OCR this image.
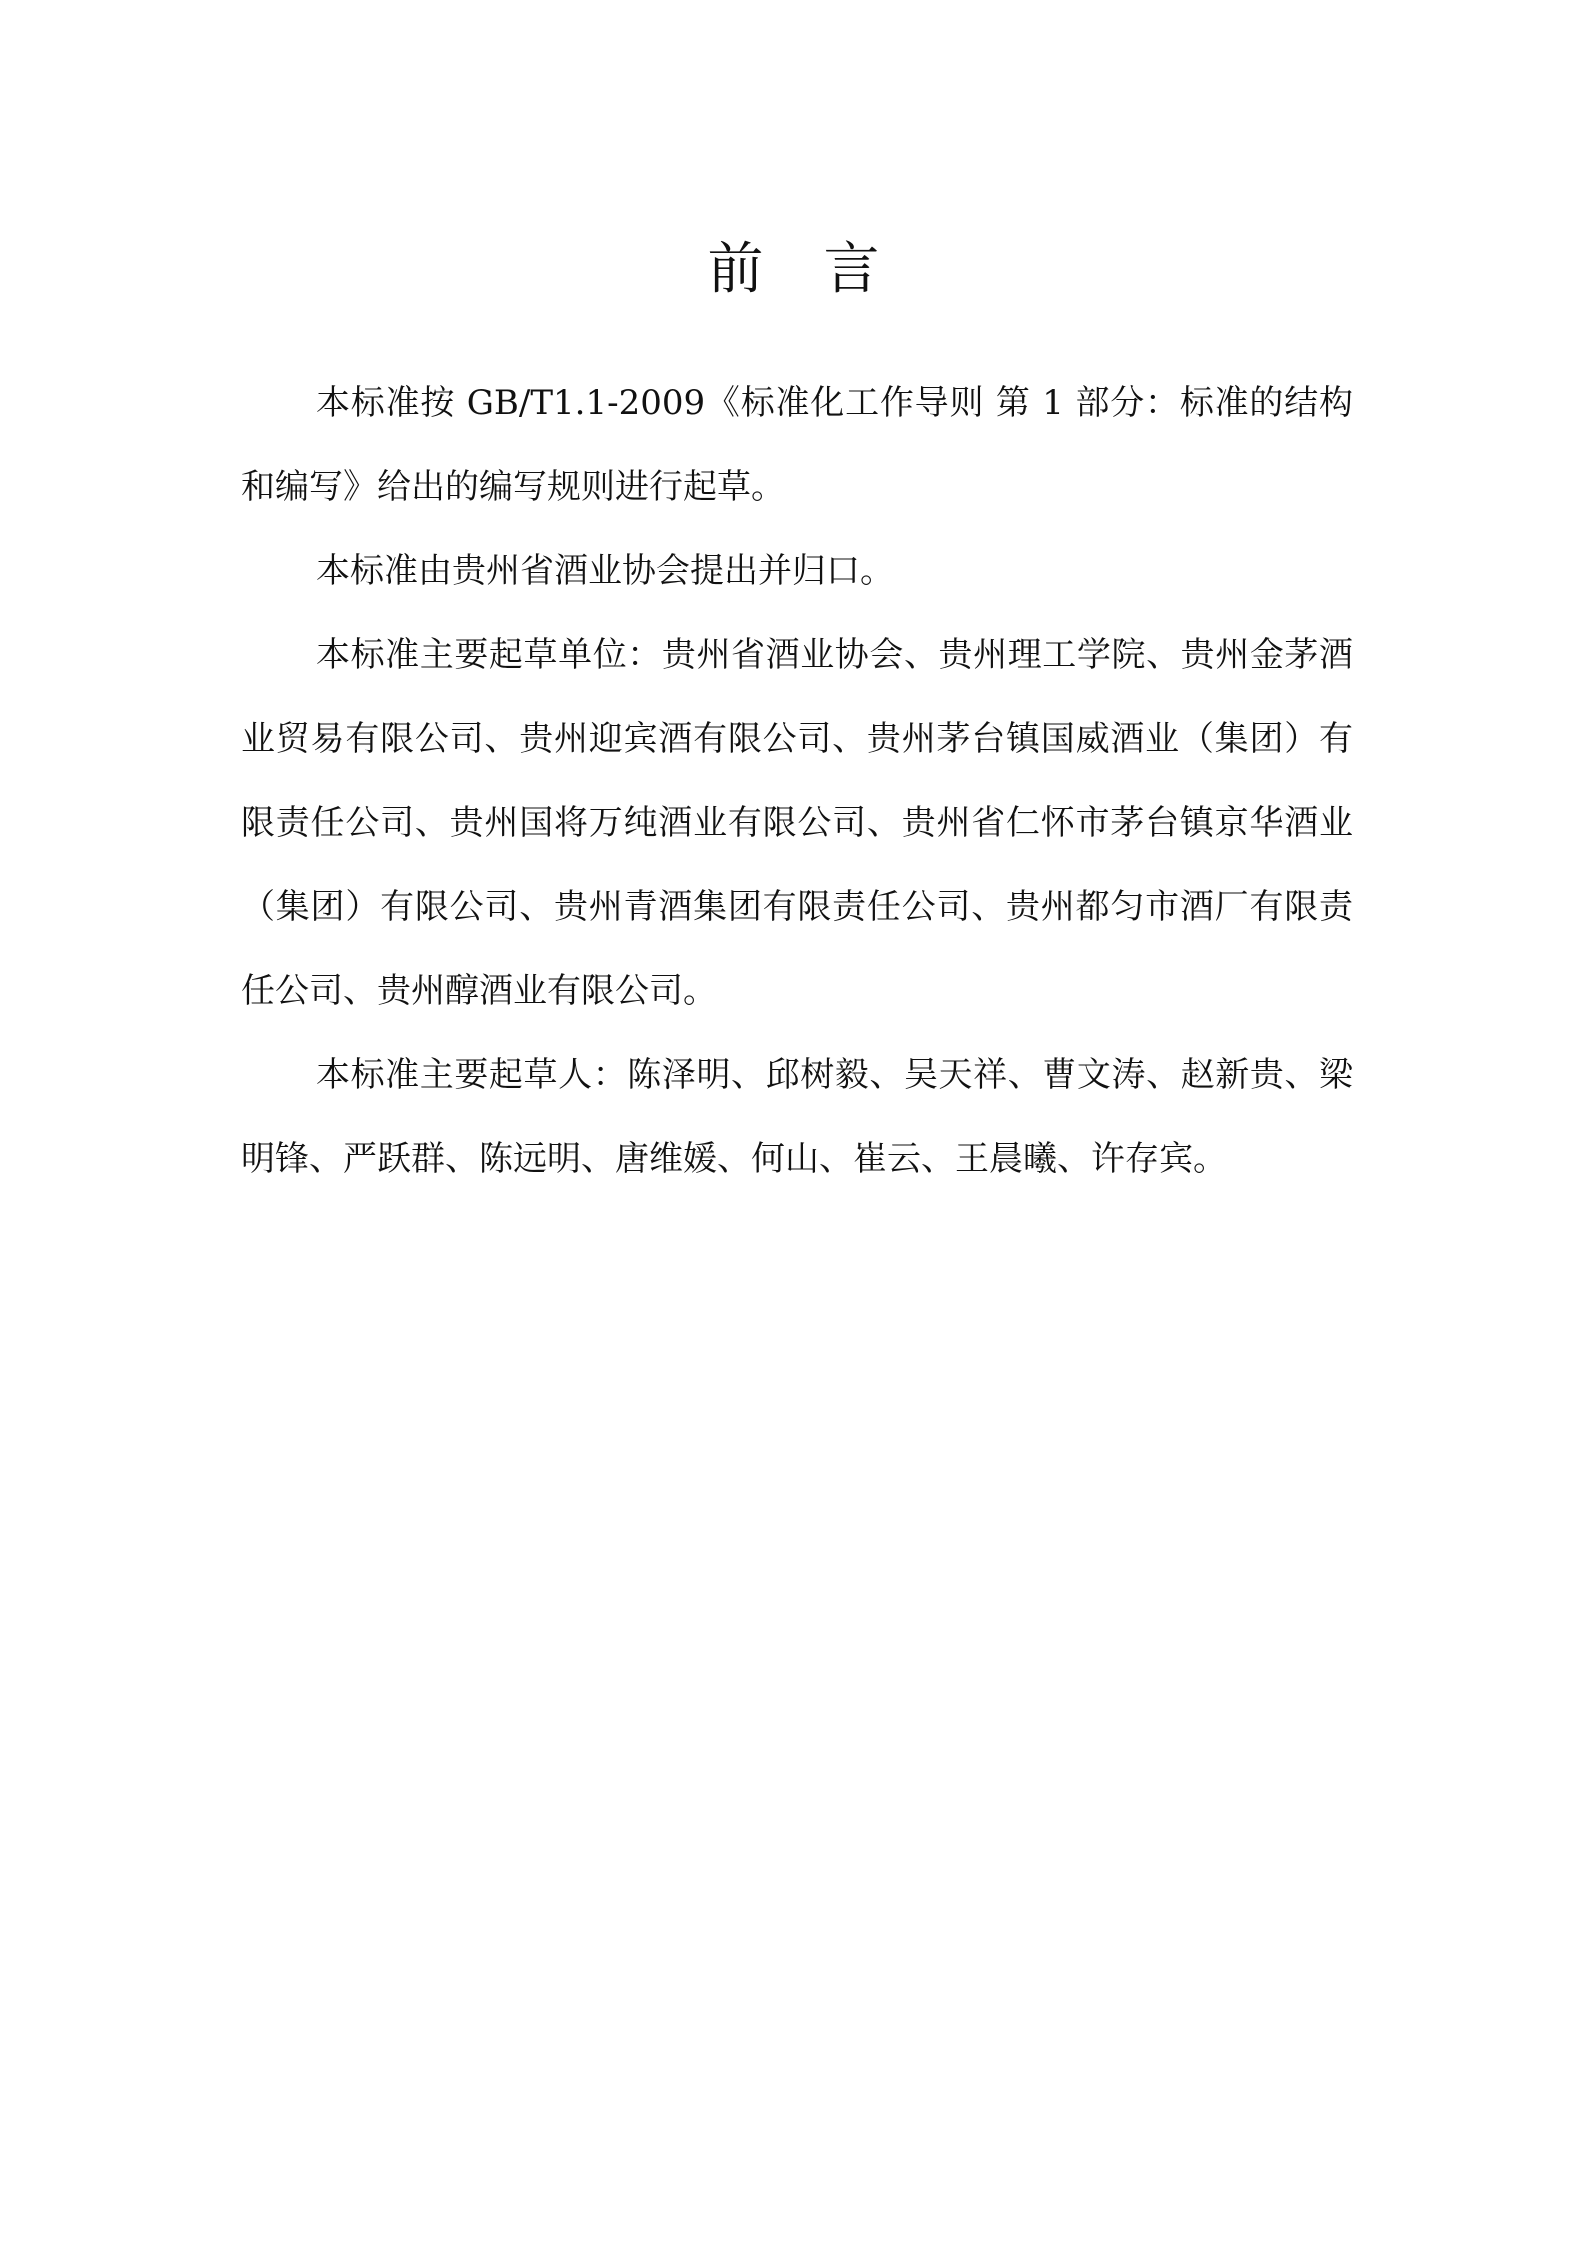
前言

本标准按 GB/T1.1-2009《标准化工作导则 第 1 部分：标准的结构和编写》给出的编写规则进行起草。

本标准由贵州省酒业协会提出并归口。

本标准主要起草单位：贵州省酒业协会、贵州理工学院、贵州金茅酒业贸易有限公司、贵州迎宾酒有限公司、贵州茅台镇国威酒业（集团）有限责任公司、贵州国将万纯酒业有限公司、贵州省仁怀市茅台镇京华酒业（集团）有限公司、贵州青酒集团有限责任公司、贵州都匀市酒厂有限责任公司、贵州醇酒业有限公司。

本标准主要起草人：陈泽明、邱树毅、吴天祥、曹文涛、赵新贵、梁明锋、严跃群、陈远明、唐维媛、何山、崔云、王晨曦、许存宾。
